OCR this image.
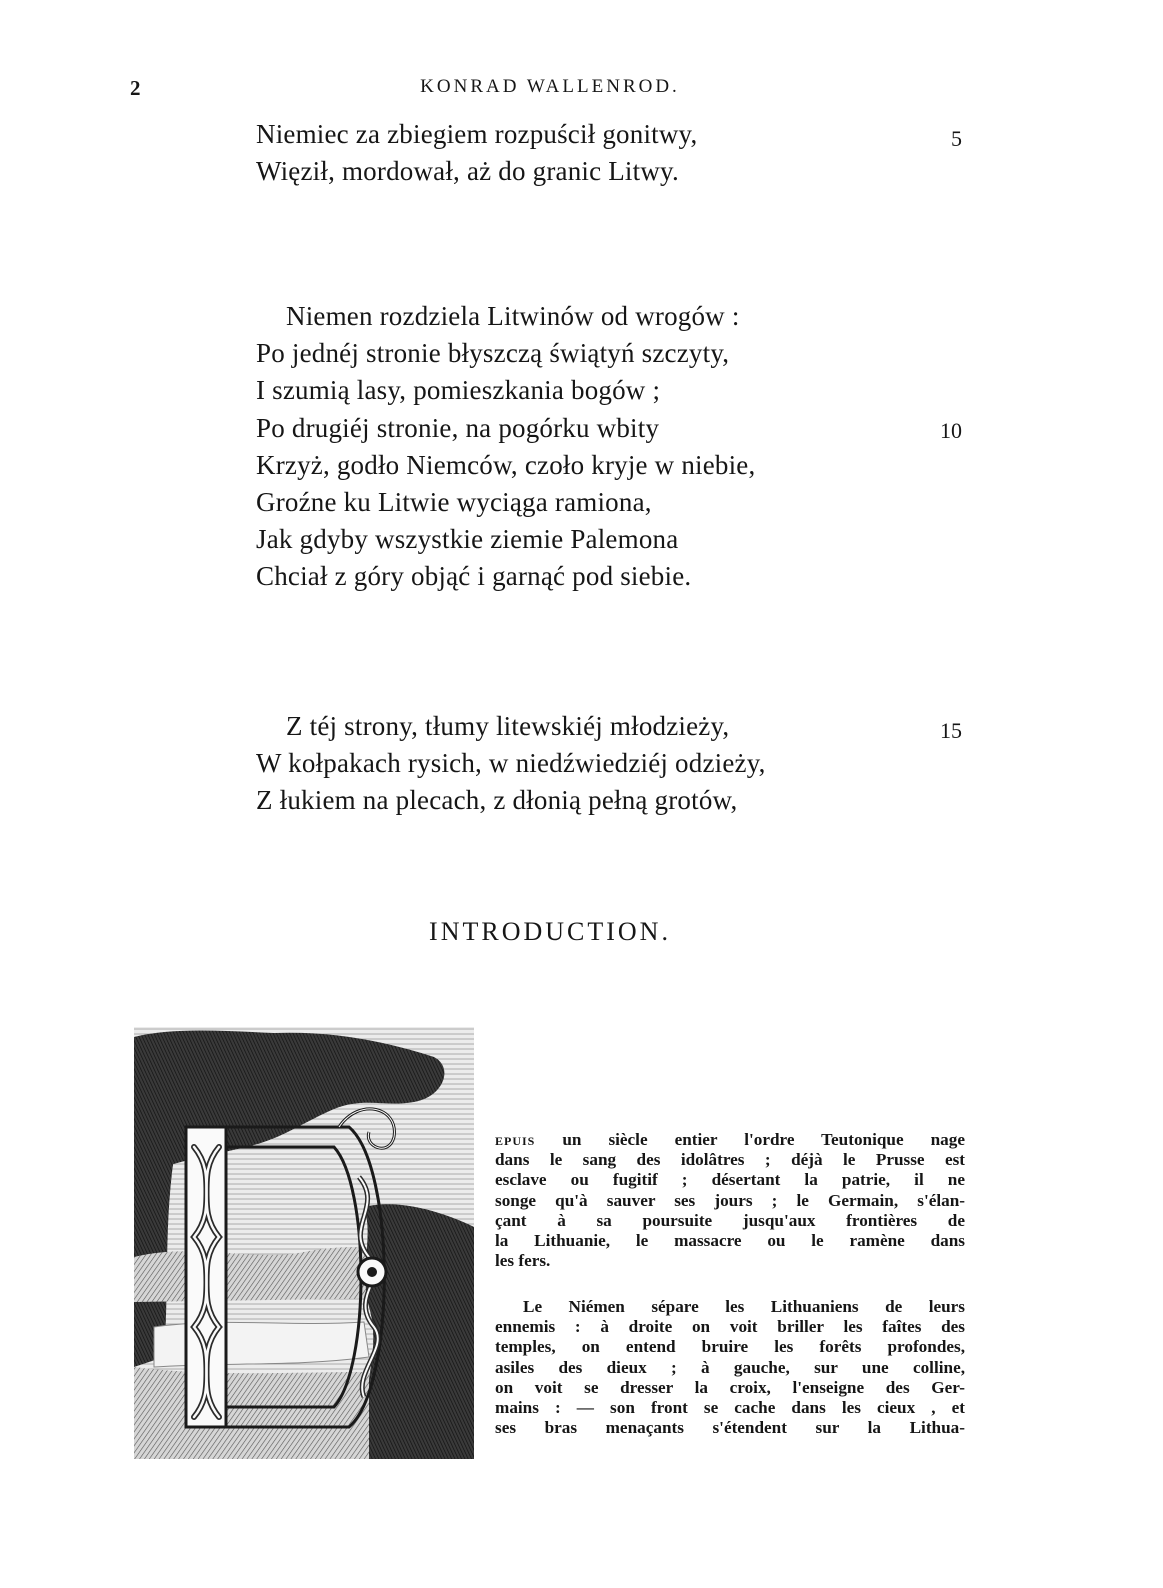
2	KONRAD WALLENROD.
Niemiec za zbiegiem rozpuścił gonitwy,
Więził, mordował, aż do granic Litwy.
5
Niemen rozdziela Litwinów od wrogów :
Po jednéj stronie błyszczą świątyń szczyty,
I szumią lasy, pomieszkania bogów ;
Po drugiéj stronie, na pogórku wbity
Krzyż, godło Niemców, czoło kryje w niebie,
Groźne ku Litwie wyciąga ramiona,
Jak gdyby wszystkie ziemie Palemona
Chciał z góry objąć i garnąć pod siebie.
10
Z téj strony, tłumy litewskiéj młodzieży,
W kołpakach rysich, w niedźwiedziéj odzieży,
Z łukiem na plecach, z dłonią pełną grotów,
15
INTRODUCTION.
EPUIS un siècle entier l'ordre Teutonique nage
dans le sang des idolâtres ; déjà le Prusse est
esclave ou fugitif ; désertant la patrie, il ne
songe qu'à sauver ses jours ; le Germain, s'élan-
çant à sa poursuite jusqu'aux frontières de
la Lithuanie, le massacre ou le ramène dans
les fers.
Le Niémen sépare les Lithuaniens de leurs
ennemis : à droite on voit briller les faîtes des
temples, on entend bruire les forêts profondes,
asiles des dieux ; à gauche, sur une colline,
on voit se dresser la croix, l'enseigne des Ger-
mains : — son front se cache dans les cieux , et
ses bras menaçants s'étendent sur la Lithua-
